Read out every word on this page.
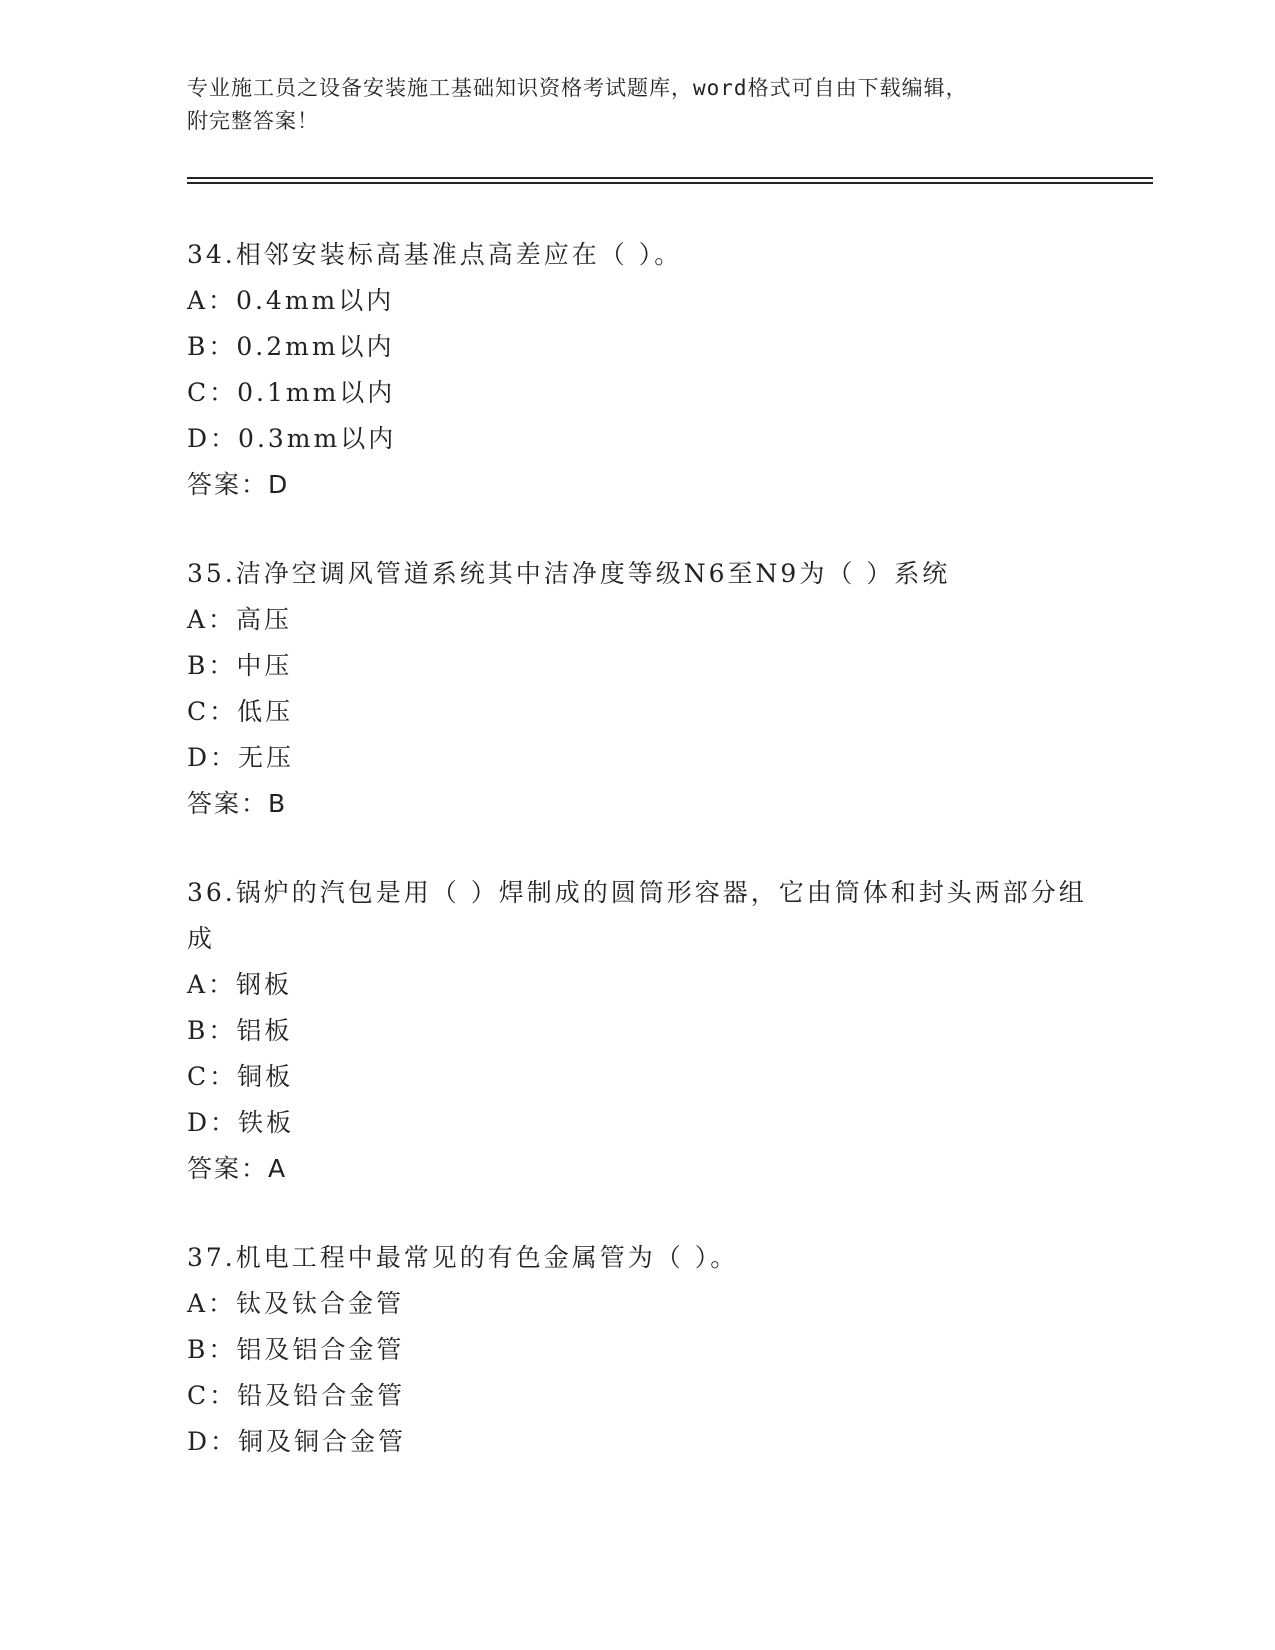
专业施工员之设备安装施工基础知识资格考试题库，word格式可自由下载编辑，
附完整答案！

34.相邻安装标高基准点高差应在（ ）。

A：0.4mm以内

B：0.2mm以内

C：0.1mm以内

D：0.3mm以内

答案：D

35.洁净空调风管道系统其中洁净度等级N6至N9为（ ）系统

A：高压

B：中压

C：低压

D：无压

答案：B

36.锅炉的汽包是用（ ）焊制成的圆筒形容器，它由筒体和封头两部分组成

A：钢板

B：铝板

C：铜板

D：铁板

答案：A

37.机电工程中最常见的有色金属管为（ ）。

A：钛及钛合金管

B：铝及铝合金管

C：铅及铅合金管

D：铜及铜合金管
